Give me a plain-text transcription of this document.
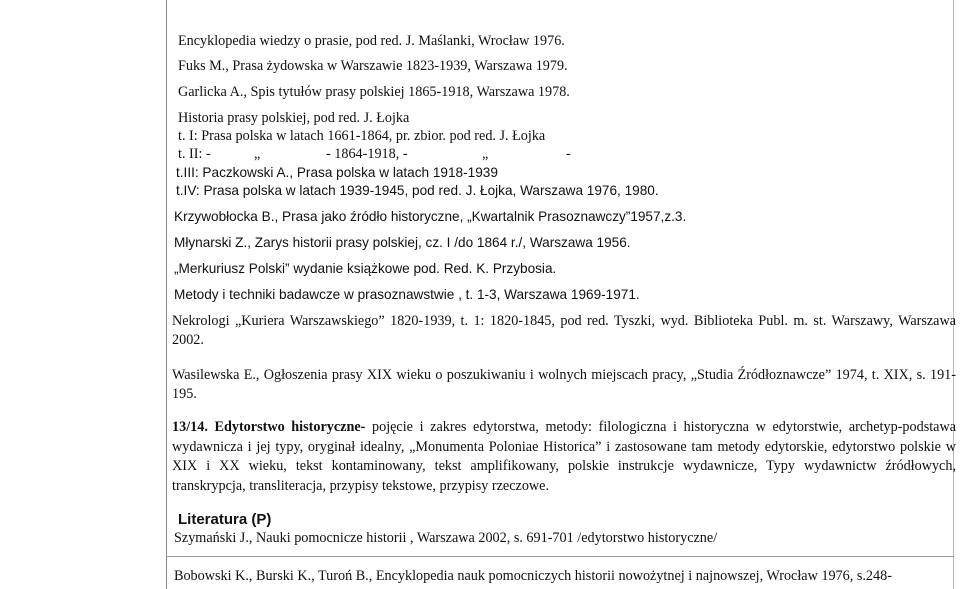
Encyklopedia wiedzy o prasie, pod red. J. Maślanki, Wrocław 1976.
Fuks M., Prasa żydowska w Warszawie 1823-1939, Warszawa 1979.
Garlicka A., Spis tytułów prasy polskiej 1865-1918, Warszawa 1978.
Historia prasy polskiej, pod red. J. Łojka
t. I: Prasa polska w latach 1661-1864, pr. zbior. pod red. J. Łojka
t. II: -	„	- 1864-1918, -	„	-
t.III: Paczkowski A., Prasa polska w latach 1918-1939
t.IV: Prasa polska w latach 1939-1945, pod red. J. Łojka, Warszawa 1976, 1980.
Krzywobłocka B., Prasa jako źródło historyczne, „Kwartalnik Prasoznawczy”1957,z.3.
Młynarski Z., Zarys historii prasy polskiej, cz. I /do 1864 r./, Warszawa 1956.
„Merkuriusz Polski” wydanie książkowe pod. Red. K. Przybosia.
Metody i techniki badawcze w prasoznawstwie , t. 1-3, Warszawa 1969-1971.
Nekrologi „Kuriera Warszawskiego” 1820-1939, t. 1: 1820-1845, pod red. Tyszki, wyd. Biblioteka Publ. m. st. Warszawy, Warszawa 2002.
Wasilewska E., Ogłoszenia prasy XIX wieku o poszukiwaniu i wolnych miejscach pracy, „Studia Źródłoznawcze” 1974, t. XIX, s. 191-195.
13/14. Edytorstwo historyczne- pojęcie i zakres edytorstwa, metody: filologiczna i historyczna w edytorstwie, archetyp-podstawa wydawnicza i jej typy, oryginał idealny, „Monumenta Poloniae Historica” i zastosowane tam metody edytorskie, edytorstwo polskie w XIX i XX wieku, tekst kontaminowany, tekst amplifikowany, polskie instrukcje wydawnicze, Typy wydawnictw źródłowych, transkrypcja, transliteracja, przypisy tekstowe, przypisy rzeczowe.
Literatura (P)
Szymański J., Nauki pomocnicze historii , Warszawa 2002, s. 691-701 /edytorstwo historyczne/
Bobowski K., Burski K., Turoń B., Encyklopedia nauk pomocniczych historii nowożytnej i najnowszej, Wrocław 1976, s.248-
